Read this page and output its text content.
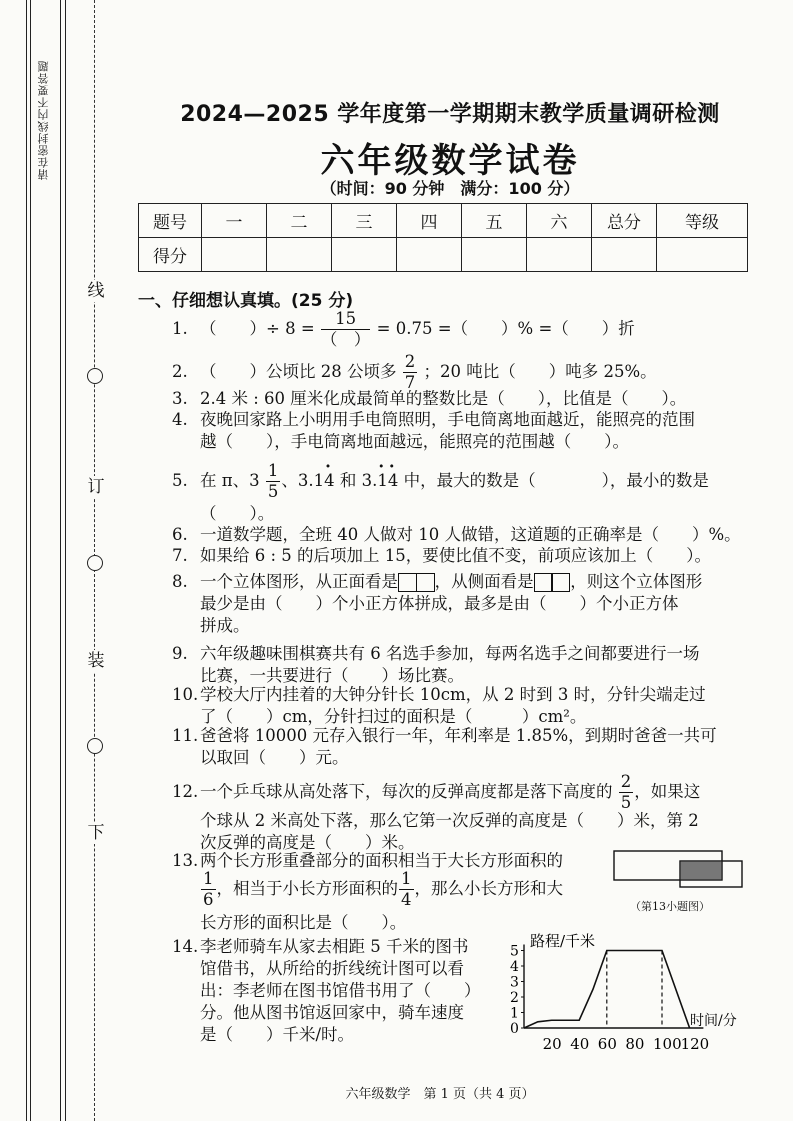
请在密封线内不要答题
线
订
装
下
2024—2025 学年度第一学期期末教学质量调研检测
六年级数学试卷
（时间：90 分钟　满分：100 分）
题号	一	二	三	四	五	六	总分	等级
得分								
一、仔细想认真填。(25 分)
1. （　　）÷ $8 = \frac{15}{( )} = 0.75$ =（　　）% =（　　）折
2. （　　）公顷比 28 公顷多 $\frac{2}{7}$ ；20 吨比（　　）吨多 25%。
3. 2.4 米 : 60 厘米化成最简单的整数比是（　　），比值是（　　）。
4. 夜晚回家路上小明用手电筒照明，手电筒离地面越近，能照亮的范围
越（　　），手电筒离地面越远，能照亮的范围越（　　）。
5. 在 π、$3 \frac{1}{5}$ 、3.1· 4 和 3.· 1· 4 中，最大的数是（　　　　），最小的数是
（　　）。
6. 一道数学题，全班 40 人做对 10 人做错，这道题的正确率是（　　）%。
7. 如果给 6 : 5 的后项加上 15，要使比值不变，前项应该加上（　　）。
8. 一个立体图形，从正面看是 ，从侧面看是 ，则这个立体图形
最少是由（　　）个小正方体拼成，最多是由（　　）个小正方体
拼成。
9. 六年级趣味围棋赛共有 6 名选手参加，每两名选手之间都要进行一场
比赛，一共要进行（　　）场比赛。
10. 学校大厅内挂着的大钟分针长 10cm，从 2 时到 3 时，分针尖端走过
了（　　）cm，分针扫过的面积是（　　　）cm²。
11. 爸爸将 10000 元存入银行一年，年利率是 1.85%，到期时爸爸一共可
以取回（　　）元。
12. 一个乒乓球从高处落下，每次的反弹高度都是落下高度的 $\frac{2}{5}$ ，如果这
个球从 2 米高处下落，那么它第一次反弹的高度是（　　）米，第 2
次反弹的高度是（　　）米。
13. 两个长方形重叠部分的面积相当于大长方形面积的
$\frac{1}{6}$ ，相当于小长方形面积的 $\frac{1}{4}$ ，那么小长方形和大
长方形的面积比是（　　）。
（第13小题图）
14. 李老师骑车从家去相距 5 千米的图书
馆借书，从所给的折线统计图可以看
出：李老师在图书馆借书用了（　　）
分。他从图书馆返回家中，骑车速度
是（　　）千米/时。
路程/千米
时间/分
0
1
2
3
4
5
20 40 60 80 100
120
六年级数学　第 1 页（共 4 页）
